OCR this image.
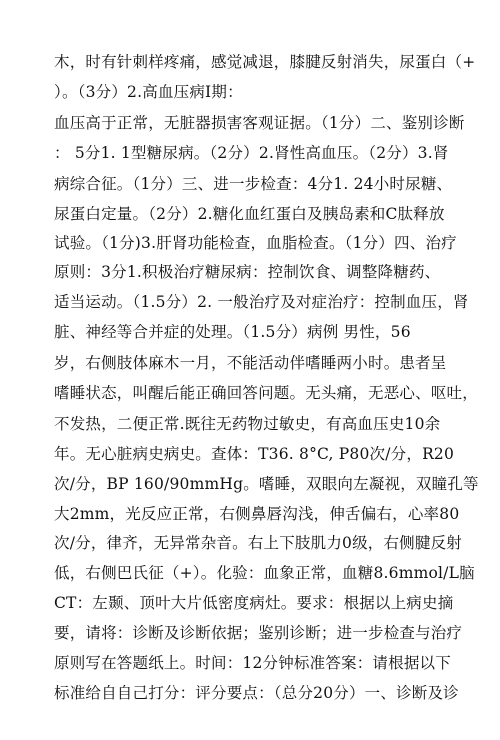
木，时有针刺样疼痛，感觉减退，膝腱反射消失，尿蛋白（+
）。（3分）2.高血压病Ⅰ期：
血压高于正常，无脏器损害客观证据。（1分）二、鉴别诊断
： 5分1. 1型糖尿病。（2分）2.肾性高血压。（2分）3.肾
病综合征。（1分）三、进一步检查：4分1. 24小时尿糖、
尿蛋白定量。（2分）2.糖化血红蛋白及胰岛素和C肽释放
试验。（1分)3.肝肾功能检查，血脂检查。（1分）四、治疗
原则：3分1.积极治疗糖尿病：控制饮食、调整降糖药、
适当运动。（1.5分）2. 一般治疗及对症治疗：控制血压，肾
脏、神经等合并症的处理。（1.5分）病例 男性，56
岁，右侧肢体麻木一月，不能活动伴嗜睡两小时。患者呈
嗜睡状态，叫醒后能正确回答问题。无头痛，无恶心、呕吐，
不发热，二便正常.既往无药物过敏史，有高血压史10余
年。无心脏病史病史。查体：T36. 8°C, P80次/分，R20
次/分，BP 160/90mmHg。嗜睡，双眼向左凝视，双瞳孔等
大2mm，光反应正常，右侧鼻唇沟浅，伸舌偏右，心率80
次/分，律齐，无异常杂音。右上下肢肌力0级，右侧腱反射
低，右侧巴氏征（+）。化验：血象正常，血糖8.6mmol/L脑
CT：左颞、顶叶大片低密度病灶。要求：根据以上病史摘
要，请将：诊断及诊断依据；鉴别诊断；进一步检查与治疗
原则写在答题纸上。时间：12分钟标准答案：请根据以下
标准给自自己打分：评分要点：（总分20分）一、诊断及诊
